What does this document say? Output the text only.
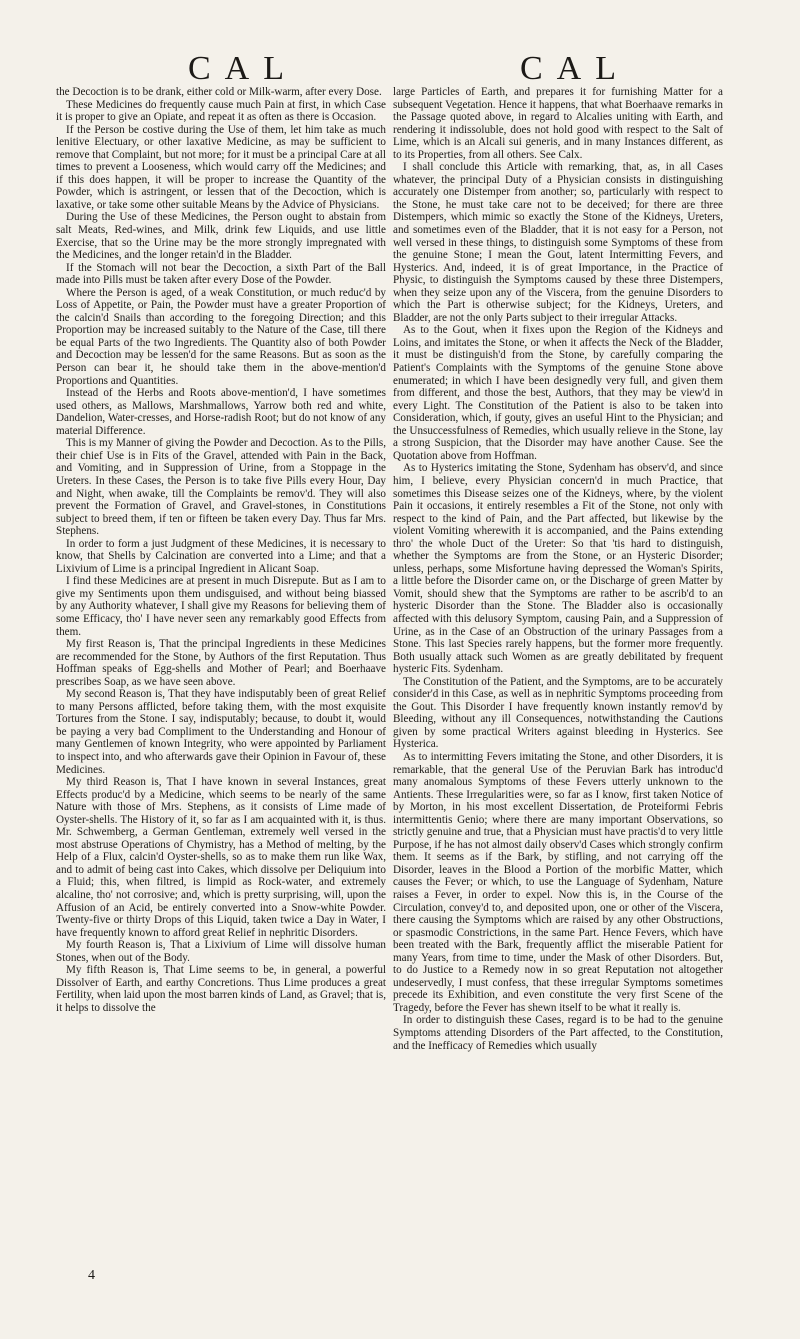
CAL	CAL

the Decoction is to be drank, either cold or Milk-warm, after every Dose.

These Medicines do frequently cause much Pain at first, in which Case it is proper to give an Opiate, and repeat it as often as there is Occasion.

If the Person be costive during the Use of them, let him take as much lenitive Electuary, or other laxative Medicine, as may be sufficient to remove that Complaint, but not more; for it must be a principal Care at all times to prevent a Looseness, which would carry off the Medicines; and if this does happen, it will be proper to increase the Quantity of the Powder, which is astringent, or lessen that of the Decoction, which is laxative, or take some other suitable Means by the Advice of Physicians.

During the Use of these Medicines, the Person ought to abstain from salt Meats, Red-wines, and Milk, drink few Liquids, and use little Exercise, that so the Urine may be the more strongly impregnated with the Medicines, and the longer retain'd in the Bladder.

If the Stomach will not bear the Decoction, a sixth Part of the Ball made into Pills must be taken after every Dose of the Powder.

Where the Person is aged, of a weak Constitution, or much reduc'd by Loss of Appetite, or Pain, the Powder must have a greater Proportion of the calcin'd Snails than according to the foregoing Direction; and this Proportion may be increased suitably to the Nature of the Case, till there be equal Parts of the two Ingredients. The Quantity also of both Powder and Decoction may be lessen'd for the same Reasons. But as soon as the Person can bear it, he should take them in the above-mention'd Proportions and Quantities.

Instead of the Herbs and Roots above-mention'd, I have sometimes used others, as Mallows, Marshmallows, Yarrow both red and white, Dandelion, Water-cresses, and Horse-radish Root; but do not know of any material Difference.

This is my Manner of giving the Powder and Decoction. As to the Pills, their chief Use is in Fits of the Gravel, attended with Pain in the Back, and Vomiting, and in Suppression of Urine, from a Stoppage in the Ureters. In these Cases, the Person is to take five Pills every Hour, Day and Night, when awake, till the Complaints be remov'd. They will also prevent the Formation of Gravel, and Gravel-stones, in Constitutions subject to breed them, if ten or fifteen be taken every Day. Thus far Mrs. Stephens.

In order to form a just Judgment of these Medicines, it is necessary to know, that Shells by Calcination are converted into a Lime; and that a Lixivium of Lime is a principal Ingredient in Alicant Soap.

I find these Medicines are at present in much Disrepute. But as I am to give my Sentiments upon them undisguised, and without being biassed by any Authority whatever, I shall give my Reasons for believing them of some Efficacy, tho' I have never seen any remarkably good Effects from them.

My first Reason is, That the principal Ingredients in these Medicines are recommended for the Stone, by Authors of the first Reputation. Thus Hoffman speaks of Egg-shells and Mother of Pearl; and Boerhaave prescribes Soap, as we have seen above.

My second Reason is, That they have indisputably been of great Relief to many Persons afflicted, before taking them, with the most exquisite Tortures from the Stone. I say, indisputably; because, to doubt it, would be paying a very bad Compliment to the Understanding and Honour of many Gentlemen of known Integrity, who were appointed by Parliament to inspect into, and who afterwards gave their Opinion in Favour of, these Medicines.

My third Reason is, That I have known in several Instances, great Effects produc'd by a Medicine, which seems to be nearly of the same Nature with those of Mrs. Stephens, as it consists of Lime made of Oyster-shells. The History of it, so far as I am acquainted with it, is thus. Mr. Schwemberg, a German Gentleman, extremely well versed in the most abstruse Operations of Chymistry, has a Method of melting, by the Help of a Flux, calcin'd Oyster-shells, so as to make them run like Wax, and to admit of being cast into Cakes, which dissolve per Deliquium into a Fluid; this, when filtred, is limpid as Rock-water, and extremely alcaline, tho' not corrosive; and, which is pretty surprising, will, upon the Affusion of an Acid, be entirely converted into a Snow-white Powder. Twenty-five or thirty Drops of this Liquid, taken twice a Day in Water, I have frequently known to afford great Relief in nephritic Disorders.

My fourth Reason is, That a Lixivium of Lime will dissolve human Stones, when out of the Body.

My fifth Reason is, That Lime seems to be, in general, a powerful Dissolver of Earth, and earthy Concretions. Thus Lime produces a great Fertility, when laid upon the most barren kinds of Land, as Gravel; that is, it helps to dissolve the

large Particles of Earth, and prepares it for furnishing Matter for a subsequent Vegetation. Hence it happens, that what Boerhaave remarks in the Passage quoted above, in regard to Alcalies uniting with Earth, and rendering it indissoluble, does not hold good with respect to the Salt of Lime, which is an Alcali sui generis, and in many Instances different, as to its Properties, from all others. See Calx.

I shall conclude this Article with remarking, that, as, in all Cases whatever, the principal Duty of a Physician consists in distinguishing accurately one Distemper from another; so, particularly with respect to the Stone, he must take care not to be deceived; for there are three Distempers, which mimic so exactly the Stone of the Kidneys, Ureters, and sometimes even of the Bladder, that it is not easy for a Person, not well versed in these things, to distinguish some Symptoms of these from the genuine Stone; I mean the Gout, latent Intermitting Fevers, and Hysterics. And, indeed, it is of great Importance, in the Practice of Physic, to distinguish the Symptoms caused by these three Distempers, when they seize upon any of the Viscera, from the genuine Disorders to which the Part is otherwise subject; for the Kidneys, Ureters, and Bladder, are not the only Parts subject to their irregular Attacks.

As to the Gout, when it fixes upon the Region of the Kidneys and Loins, and imitates the Stone, or when it affects the Neck of the Bladder, it must be distinguish'd from the Stone, by carefully comparing the Patient's Complaints with the Symptoms of the genuine Stone above enumerated; in which I have been designedly very full, and given them from different, and those the best, Authors, that they may be view'd in every Light. The Constitution of the Patient is also to be taken into Consideration, which, if gouty, gives an useful Hint to the Physician; and the Unsuccessfulness of Remedies, which usually relieve in the Stone, lay a strong Suspicion, that the Disorder may have another Cause. See the Quotation above from Hoffman.

As to Hysterics imitating the Stone, Sydenham has observ'd, and since him, I believe, every Physician concern'd in much Practice, that sometimes this Disease seizes one of the Kidneys, where, by the violent Pain it occasions, it entirely resembles a Fit of the Stone, not only with respect to the kind of Pain, and the Part affected, but likewise by the violent Vomiting wherewith it is accompanied, and the Pains extending thro' the whole Duct of the Ureter: So that 'tis hard to distinguish, whether the Symptoms are from the Stone, or an Hysteric Disorder; unless, perhaps, some Misfortune having depressed the Woman's Spirits, a little before the Disorder came on, or the Discharge of green Matter by Vomit, should shew that the Symptoms are rather to be ascrib'd to an hysteric Disorder than the Stone. The Bladder also is occasionally affected with this delusory Symptom, causing Pain, and a Suppression of Urine, as in the Case of an Obstruction of the urinary Passages from a Stone. This last Species rarely happens, but the former more frequently. Both usually attack such Women as are greatly debilitated by frequent hysteric Fits. Sydenham.

The Constitution of the Patient, and the Symptoms, are to be accurately consider'd in this Case, as well as in nephritic Symptoms proceeding from the Gout. This Disorder I have frequently known instantly remov'd by Bleeding, without any ill Consequences, notwithstanding the Cautions given by some practical Writers against bleeding in Hysterics. See Hysterica.

As to intermitting Fevers imitating the Stone, and other Disorders, it is remarkable, that the general Use of the Peruvian Bark has introduc'd many anomalous Symptoms of these Fevers utterly unknown to the Antients. These Irregularities were, so far as I know, first taken Notice of by Morton, in his most excellent Dissertation, de Proteiformi Febris intermittentis Genio; where there are many important Observations, so strictly genuine and true, that a Physician must have practis'd to very little Purpose, if he has not almost daily observ'd Cases which strongly confirm them. It seems as if the Bark, by stifling, and not carrying off the Disorder, leaves in the Blood a Portion of the morbific Matter, which causes the Fever; or which, to use the Language of Sydenham, Nature raises a Fever, in order to expel. Now this is, in the Course of the Circulation, convey'd to, and deposited upon, one or other of the Viscera, there causing the Symptoms which are raised by any other Obstructions, or spasmodic Constrictions, in the same Part. Hence Fevers, which have been treated with the Bark, frequently afflict the miserable Patient for many Years, from time to time, under the Mask of other Disorders. But, to do Justice to a Remedy now in so great Reputation not altogether undeservedly, I must confess, that these irregular Symptoms sometimes precede its Exhibition, and even constitute the very first Scene of the Tragedy, before the Fever has shewn itself to be what it really is.

In order to distinguish these Cases, regard is to be had to the genuine Symptoms attending Disorders of the Part affected, to the Constitution, and the Inefficacy of Remedies which usually

4
